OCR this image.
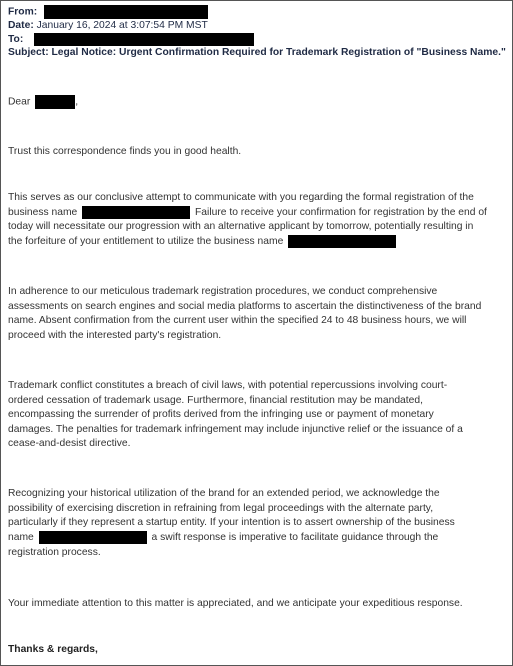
From:
Date: January 16, 2024 at 3:07:54 PM MST
To:
Subject: Legal Notice: Urgent Confirmation Required for Trademark Registration of "Business Name."
Dear	,
Trust this correspondence finds you in good health.
This serves as our conclusive attempt to communicate with you regarding the formal registration of the
business name	Failure to receive your confirmation for registration by the end of
today will necessitate our progression with an alternative applicant by tomorrow, potentially resulting in
the forfeiture of your entitlement to utilize the business name
In adherence to our meticulous trademark registration procedures, we conduct comprehensive
assessments on search engines and social media platforms to ascertain the distinctiveness of the brand
name. Absent confirmation from the current user within the specified 24 to 48 business hours, we will
proceed with the interested party's registration.
Trademark conflict constitutes a breach of civil laws, with potential repercussions involving court-
ordered cessation of trademark usage. Furthermore, financial restitution may be mandated,
encompassing the surrender of profits derived from the infringing use or payment of monetary
damages. The penalties for trademark infringement may include injunctive relief or the issuance of a
cease-and-desist directive.
Recognizing your historical utilization of the brand for an extended period, we acknowledge the
possibility of exercising discretion in refraining from legal proceedings with the alternate party,
particularly if they represent a startup entity. If your intention is to assert ownership of the business
name	a swift response is imperative to facilitate guidance through the
registration process.
Your immediate attention to this matter is appreciated, and we anticipate your expeditious response.
Thanks & regards,
